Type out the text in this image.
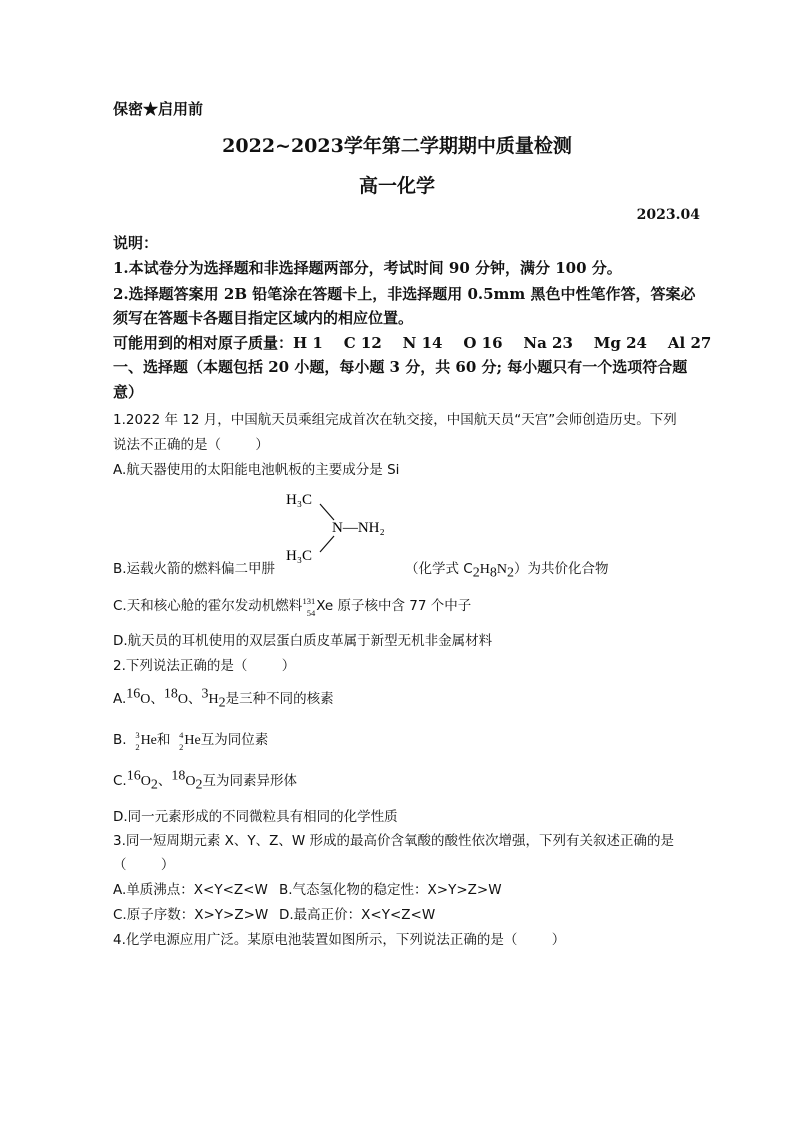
保密★启用前
2022~2023学年第二学期期中质量检测
高一化学
2023.04
说明：
1.本试卷分为选择题和非选择题两部分，考试时间 90 分钟，满分 100 分。
2.选择题答案用 2B 铅笔涂在答题卡上，非选择题用 0.5mm 黑色中性笔作答，答案必
须写在答题卡各题目指定区域内的相应位置。
可能用到的相对原子质量：H 1    C 12    N 14    O 16    Na 23    Mg 24    Al 27
一、选择题（本题包括 20 小题，每小题 3 分，共 60 分; 每小题只有一个选项符合题
意）
1.2022 年 12 月，中国航天员乘组完成首次在轨交接，中国航天员“天宫”会师创造历史。下列
说法不正确的是（        ）
A.航天器使用的太阳能电池帆板的主要成分是 Si
H₃C
N—NH₂
H₃C
B.运载火箭的燃料偏二甲肼	（化学式 $C_2H_8N_2$）为共价化合物
C.天和核心舱的霍尔发动机燃料 131
54 Xe 原子核中含 77 个中子
D.航天员的耳机使用的双层蛋白质皮革属于新型无机非金属材料
2.下列说法正确的是（        ）
A.$^{16}$O、$^{18}$O、$^3H_2$是三种不同的核素
B. 3
2 He和 4
2 He互为同位素
$C.^{16}O_2$、$^{18}O_2$互为同素异形体
D.同一元素形成的不同微粒具有相同的化学性质
3.同一短周期元素 X、Y、Z、W 形成的最高价含氧酸的酸性依次增强，下列有关叙述正确的是
（        ）
A.单质沸点：X<Y<Z<W B.气态氢化物的稳定性：X>Y>Z>W
C.原子序数：X>Y>Z>W D.最高正价：X<Y<Z<W
4.化学电源应用广泛。某原电池装置如图所示，下列说法正确的是（        ）
